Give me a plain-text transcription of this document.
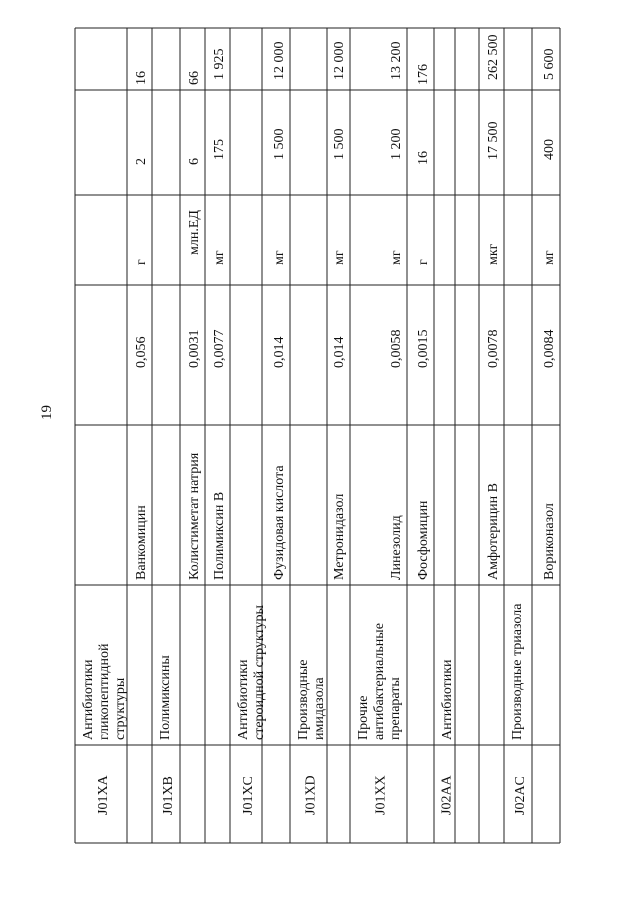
19
J01XA
Антибиотики гликопептидной структуры
Ванкомицин
0,056
г
2
16
J01XB
Полимиксины
Колистиметат натрия
0,0031
млн.ЕД
6
66
Полимиксин В
0,0077
мг
175
1 925
J01XC
Антибиотики стероидной структуры
Фузидовая кислота
0,014
мг
1 500
12 000
J01XD
Производные имидазола
Метронидазол
0,014
мг
1 500
12 000
J01XX
Прочие антибактериальные препараты
Линезолид
0,0058
мг
1 200
13 200
Фосфомицин
0,0015
г
16
176
J02AA
Антибиотики
Амфотерицин В
0,0078
мкг
17 500
262 500
J02AC
Производные триазола
Вориконазол
0,0084
мг
400
5 600
